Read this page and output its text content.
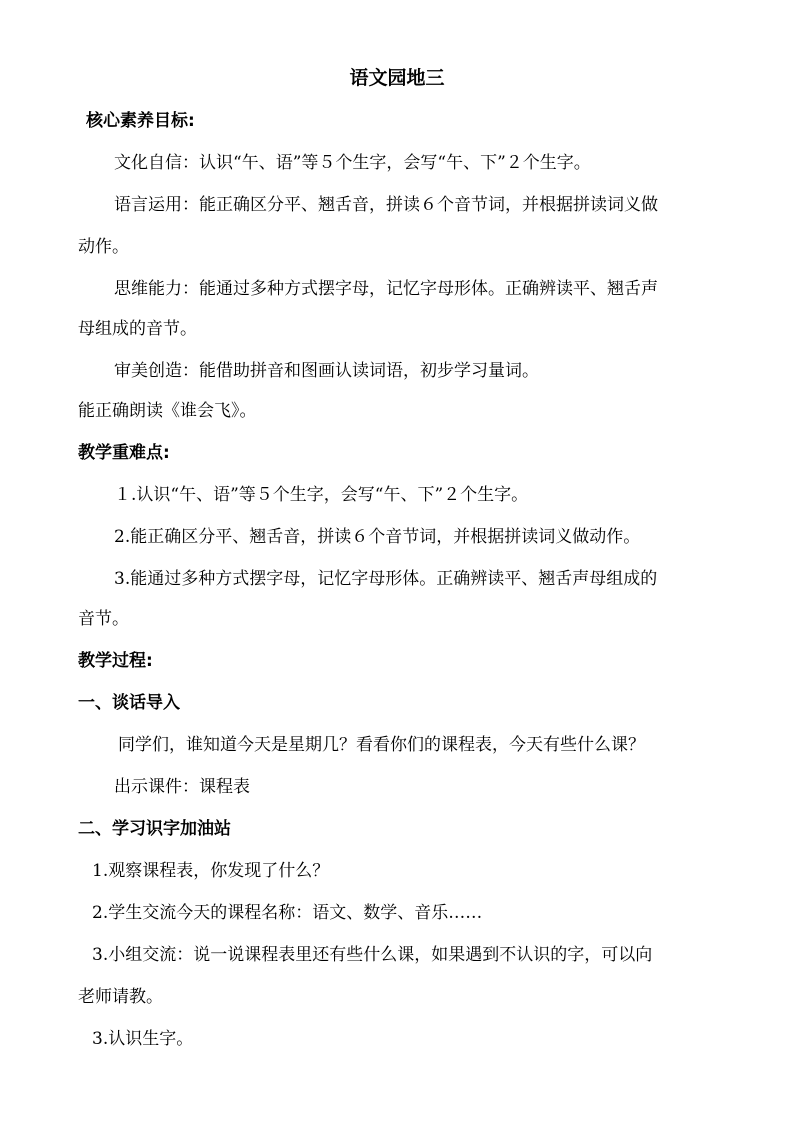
语文园地三
核心素养目标:
文化自信：认识“午、语”等５个生字，会写“午、下”２个生字。
语言运用：能正确区分平、翘舌音，拼读６个音节词，并根据拼读词义做
动作。
思维能力：能通过多种方式摆字母，记忆字母形体。正确辨读平、翘舌声
母组成的音节。
审美创造：能借助拼音和图画认读词语，初步学习量词。
能正确朗读《谁会飞》。
教学重难点:
１.认识“午、语”等５个生字，会写“午、下”２个生字。
2.能正确区分平、翘舌音，拼读６个音节词，并根据拼读词义做动作。
3.能通过多种方式摆字母，记忆字母形体。正确辨读平、翘舌声母组成的
音节。
教学过程:
一、谈话导入
同学们，谁知道今天是星期几？看看你们的课程表，今天有些什么课？
出示课件：课程表
二、学习识字加油站
1.观察课程表，你发现了什么？
2.学生交流今天的课程名称：语文、数学、音乐……
3.小组交流：说一说课程表里还有些什么课，如果遇到不认识的字，可以向
老师请教。
3.认识生字。
